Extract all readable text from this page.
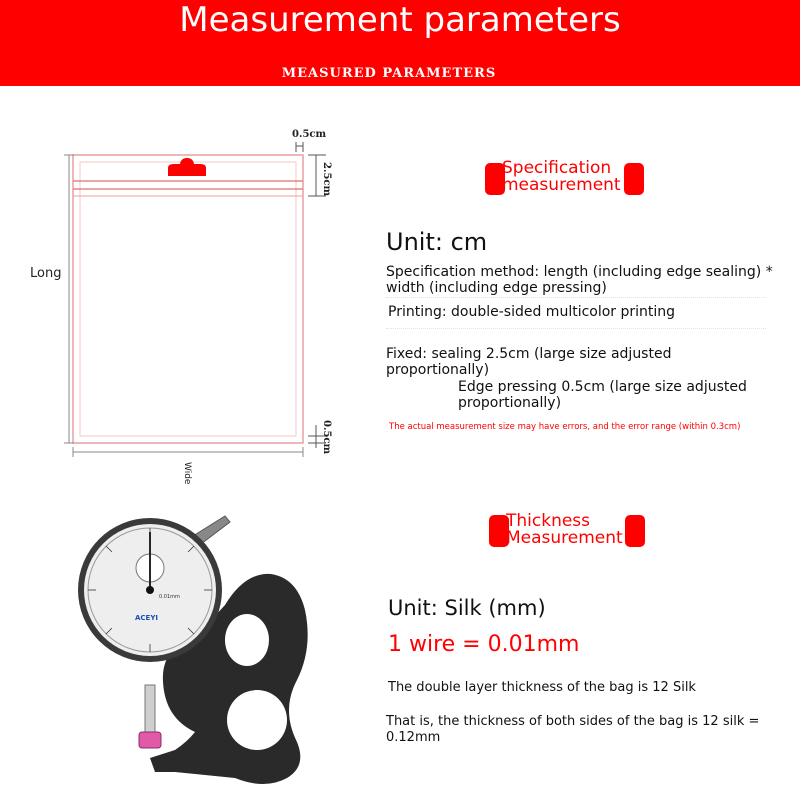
Measurement parameters
MEASURED PARAMETERS
0.5cm
2.5cm
0.5cm
Long
Wide
Specification
measurement
Unit: cm
Specification method: length (including edge sealing) * width (including edge pressing)
Printing: double-sided multicolor printing
Fixed: sealing 2.5cm (large size adjusted proportionally)
Edge pressing 0.5cm (large size adjusted proportionally)
The actual measurement size may have errors, and the error range (within 0.3cm)
Thickness
Measurement
Unit: Silk (mm)
1 wire = 0.01mm
The double layer thickness of the bag is 12 Silk
That is, the thickness of both sides of the bag is 12 silk = 0.12mm
0.01mm
ACEYI
